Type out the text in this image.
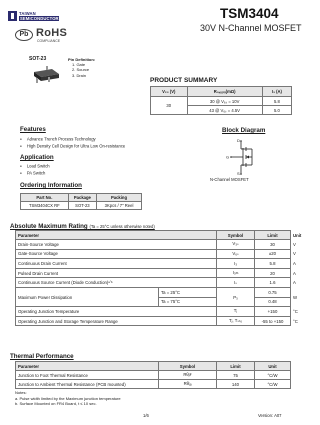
TAIWAN
SEMICONDUCTOR	TSM3404
30V N-Channel MOSFET
Pb RoHS
COMPLIANCE
SOT-23	Pin Definition:
1. Gate
2. Source
3. Drain
PRODUCT SUMMARY
V₂₃ (V)	R₃ₛ₍ₒₙ₎(mΩ)	I₃ (A)
30	30 @ V₆ₛ = 10V	5.8
	43 @ V₆ₛ = 4.5V	5.0
Features
● Advance Trench Process Technology
● High Density Cell Design for Ultra Low On-resistance
Application
● Load Switch
● PA Switch
Block Diagram
D
G
S
N-Channel MOSFET
Ordering Information
Part No.	Package	Packing
TSM3404CX RF	SOT-23	3Kpcs / 7" Reel
Absolute Maximum Rating (Ta = 25°C unless otherwise noted)
Parameter		Symbol	Limit	Unit
Drain-Source Voltage		V₃ₛ	30	V
Gate-Source Voltage		V₆ₛ	±20	V
Continuous Drain Current		I₃	5.8	A
Pulsed Drain Current		I₃ₘ	20	A
Continuous Source Current (Diode Conduction)ᵃʼᵇ		Iₛ	1.6	A
Maximum Power Dissipation	Ta = 25°C	P₃	0.75	W
	Ta = 75°C		0.48	
Operating Junction Temperature		Tⱼ	+150	°C
Operating Junction and Storage Temperature Range		Tⱼ, Tₛₜ₆	-55 to +150	°C
Thermal Performance
Parameter	Symbol	Limit	Unit
Junction to Foot Thermal Resistance	Rθⱼꜰ	75	°C/W
Junction to Ambient Thermal Resistance (PCB mounted)	Rθⱼₐ	140	°C/W
Notes:
a. Pulse width limited by the Maximum junction temperature
b. Surface Mounted on FR4 Board, t ≤ 10 sec.
1/6	Version: A07
